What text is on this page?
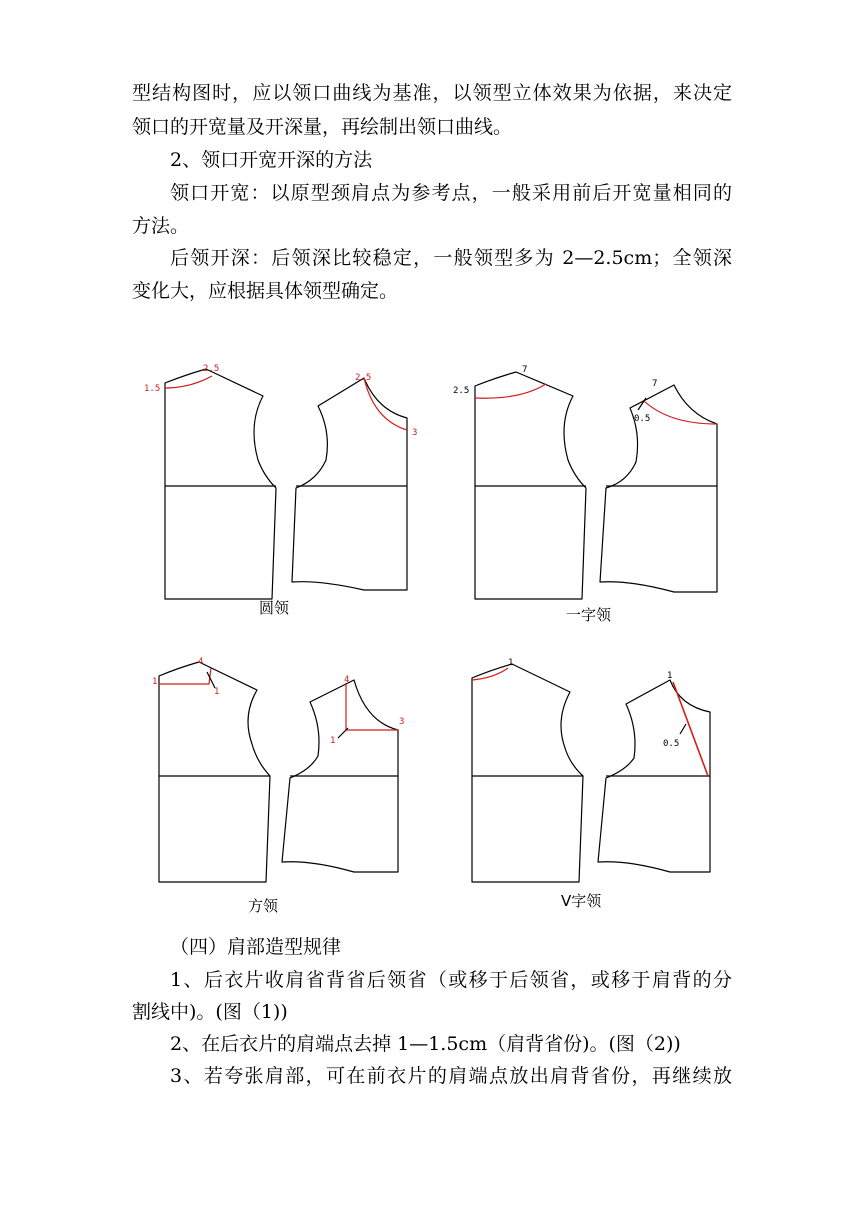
型结构图时，应以领口曲线为基准，以领型立体效果为依据，来决定

领口的开宽量及开深量，再绘制出领口曲线。

2、领口开宽开深的方法

领口开宽：以原型颈肩点为参考点，一般采用前后开宽量相同的

方法。

后领开深：后领深比较稳定，一般领型多为 2—2.5cm；全领深

变化大，应根据具体领型确定。

1.5
2.5
2.5
3
圆领
2.5
7
7
0.5
一字领
1
4
1
4
3
1
方领
1
1
0.5
V字领

（四）肩部造型规律

1、后衣片收肩省背省后领省（或移于后领省，或移于肩背的分

割线中)。(图（1))

2、在后衣片的肩端点去掉 1—1.5cm（肩背省份)。(图（2))

3、若夸张肩部，可在前衣片的肩端点放出肩背省份，再继续放
